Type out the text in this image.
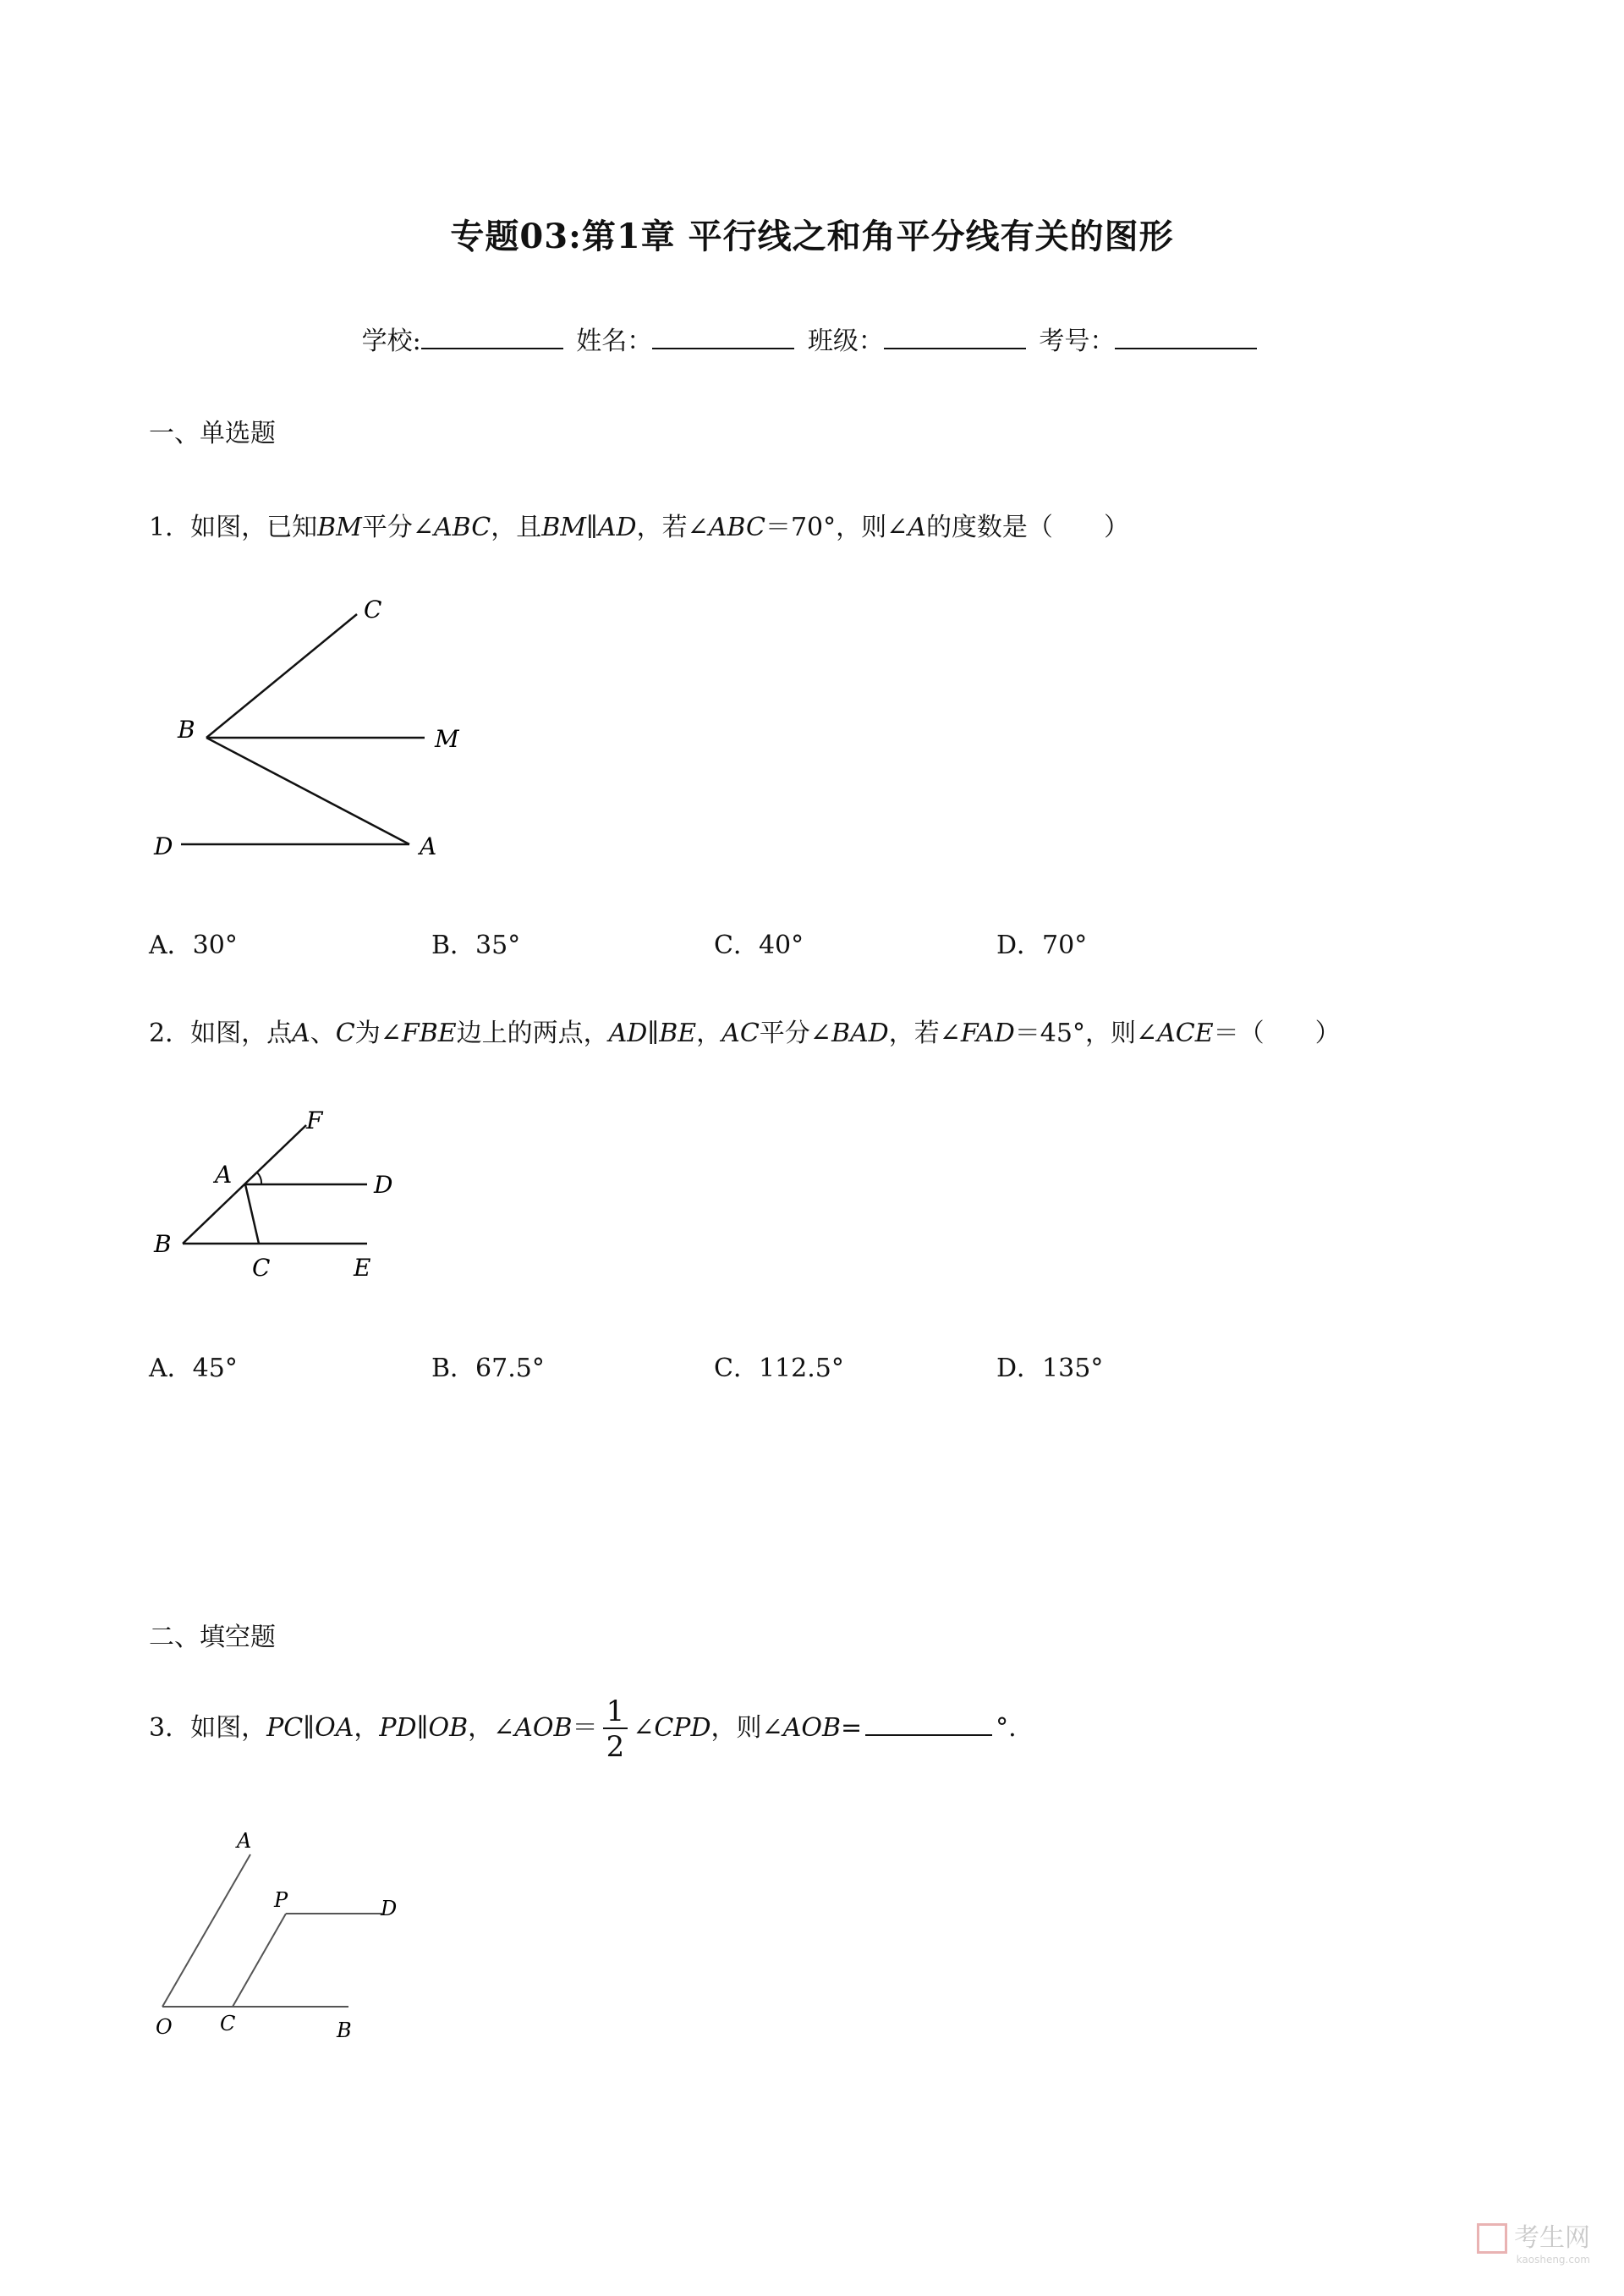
专题03:第1章 平行线之和角平分线有关的图形
学校:	姓名：	班级：	考号：
一、单选题
1．如图，已知BM平分∠ABC，且BM∥AD，若∠ABC＝70°，则∠A的度数是（ ）
C
B	M
D	A
A．30°	B．35°	C．40°	D．70°
2．如图，点A、C为∠FBE边上的两点，AD∥BE，AC平分∠BAD，若∠FAD＝45°，则∠ACE＝（ ）
F
A	D
B
C	E
A．45°	B．67.5°	C．112.5°	D．135°
二、填空题
3．如图，PC∥OA，PD∥OB，∠AOB＝ $\frac{1}{2}$ ∠CPD，则∠AOB=	°.
A
P	D
O C	B
考生网
kaosheng.com
